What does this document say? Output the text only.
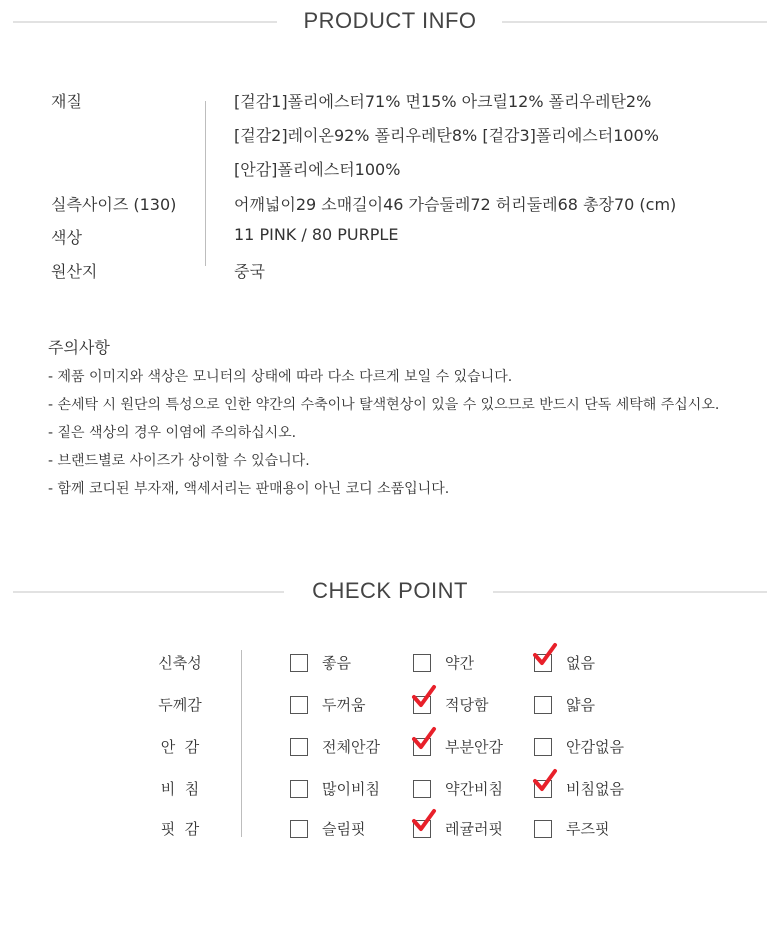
PRODUCT INFO
재질	[겉감1]폴리에스터71% 면15% 아크릴12% 폴리우레탄2%
[겉감2]레이온92% 폴리우레탄8% [겉감3]폴리에스터100%
[안감]폴리에스터100%
실측사이즈 (130)	어깨넓이29 소매길이46 가슴둘레72 허리둘레68 총장70 (cm)
색상	11 PINK / 80 PURPLE
원산지	중국
주의사항
- 제품 이미지와 색상은 모니터의 상태에 따라 다소 다르게 보일 수 있습니다.
- 손세탁 시 원단의 특성으로 인한 약간의 수축이나 탈색현상이 있을 수 있으므로 반드시 단독 세탁해 주십시오.
- 짙은 색상의 경우 이염에 주의하십시오.
- 브랜드별로 사이즈가 상이할 수 있습니다.
- 함께 코디된 부자재, 액세서리는 판매용이 아닌 코디 소품입니다.
CHECK POINT
신축성	좋음	약간	없음
두께감	두꺼움	적당함	얇음
안  감	전체안감	부분안감	안감없음
비  침	많이비침	약간비침	비침없음
핏  감	슬림핏	레귤러핏	루즈핏
